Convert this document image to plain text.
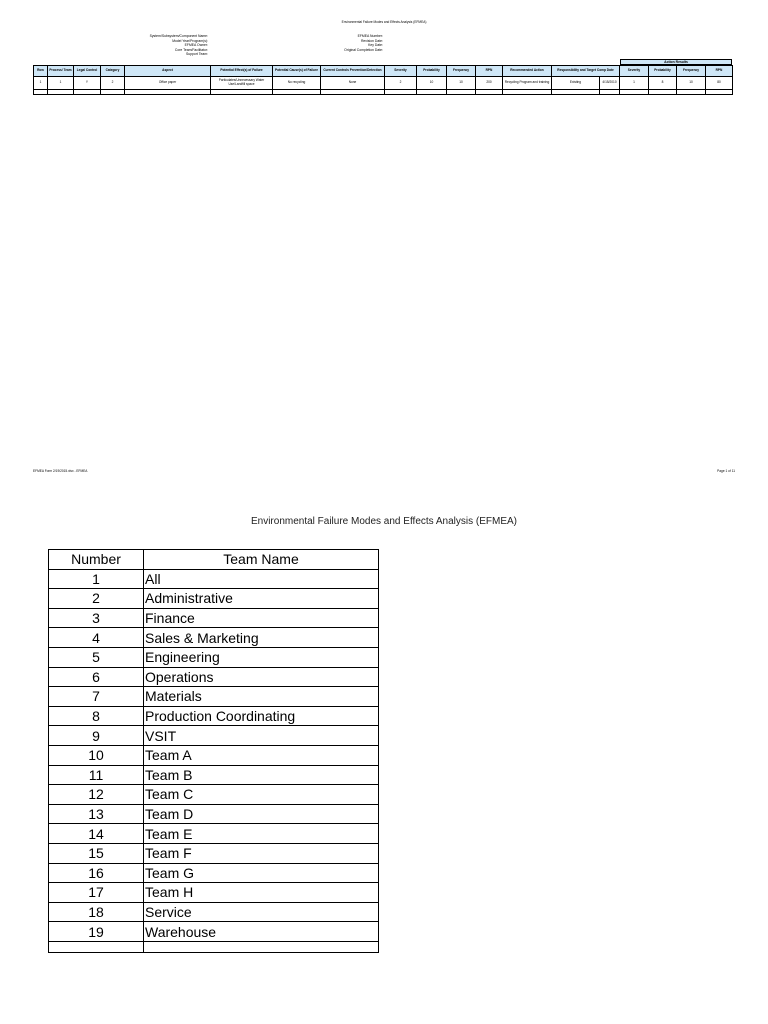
Environmental Failure Modes and Effects Analysis (EFMEA)
System/Subsystem/Component Name:
Model Year/Program(s):
EFMEA Owner:
Core Team/Facilitator:
Support Team:
EFMEA Number:
Revision Date:
Key Date:
Original Completion Date:
Action Results
Row	Process/ Team	Legal Control	Category	Aspect	Potential Effect(s) of Failure	Potential Cause(s) of Failure	Current Controls Prevention/Detection	Severity	Probability	Frequency	RPN	Recommended Action	Responsibility and Target Comp Date		Severity	Probability	Frequency	RPN
1	1	Y	2	Office paper	Particulates/Unnecessary Water Use/Landfill space	No recycling	None	2	10	10	200	Recycling Program and training	Existing	4/15/2010	1	8	10	80

EFMEA Form 2/19/2015.xlsx - EFMEA	Page 1 of 11
Environmental Failure Modes and Effects Analysis (EFMEA)
Number	Team Name
1	All
2	Administrative
3	Finance
4	Sales & Marketing
5	Engineering
6	Operations
7	Materials
8	Production Coordinating
9	VSIT
10	Team A
11	Team B
12	Team C
13	Team D
14	Team E
15	Team F
16	Team G
17	Team H
18	Service
19	Warehouse
